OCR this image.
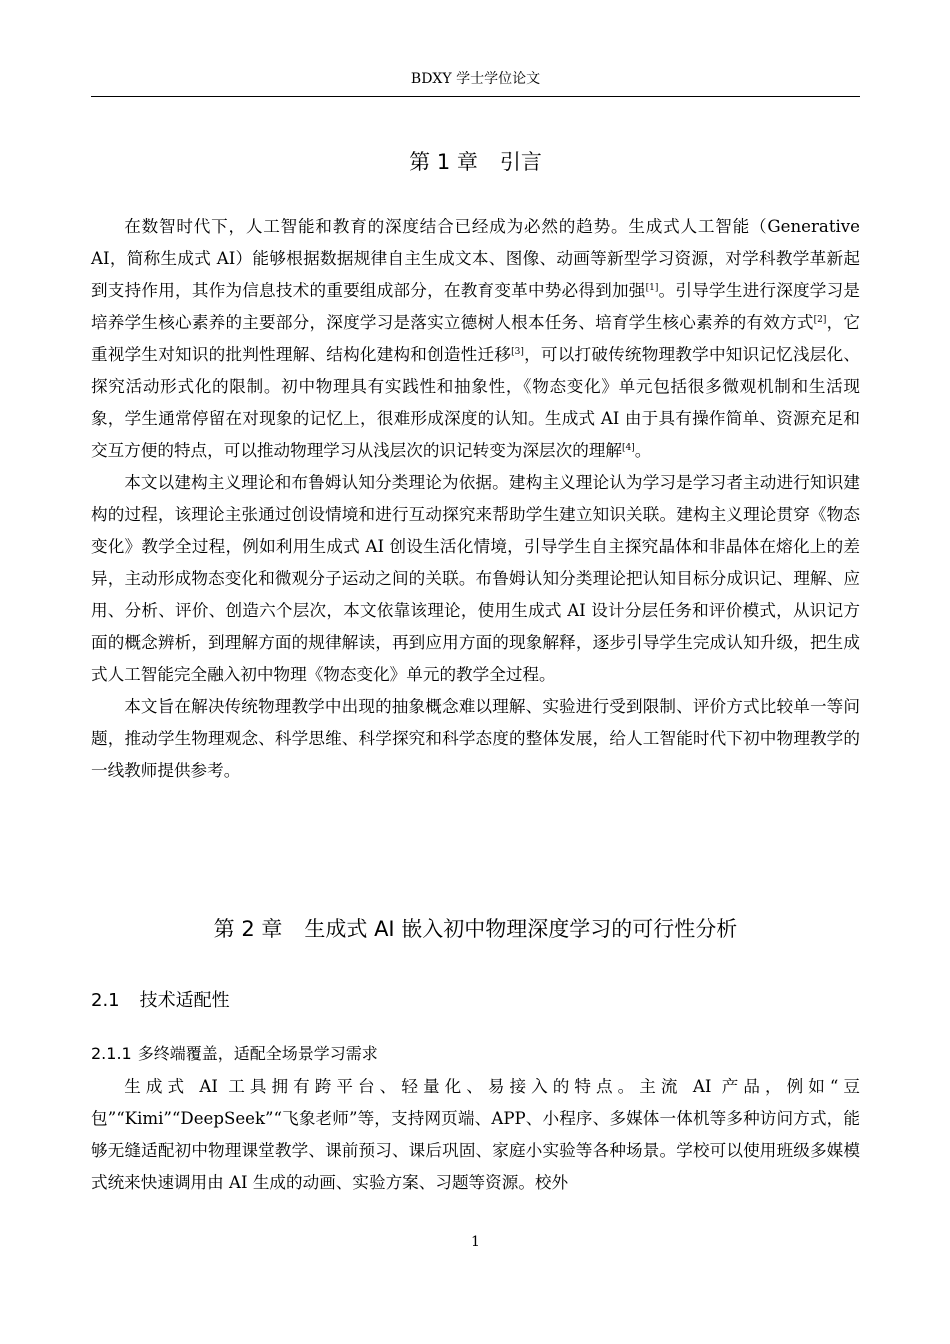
BDXY 学士学位论文
第 1 章 引言

在数智时代下，人工智能和教育的深度结合已经成为必然的趋势。生成式人工智能（Generative AI，简称生成式 AI）能够根据数据规律自主生成文本、图像、动画等新型学习资源，对学科教学革新起到支持作用，其作为信息技术的重要组成部分，在教育变革中势必得到加强[1]。引导学生进行深度学习是培养学生核心素养的主要部分，深度学习是落实立德树人根本任务、培育学生核心素养的有效方式[2]，它重视学生对知识的批判性理解、结构化建构和创造性迁移[3]，可以打破传统物理教学中知识记忆浅层化、探究活动形式化的限制。初中物理具有实践性和抽象性，《物态变化》单元包括很多微观机制和生活现象，学生通常停留在对现象的记忆上，很难形成深度的认知。生成式 AI 由于具有操作简单、资源充足和交互方便的特点，可以推动物理学习从浅层次的识记转变为深层次的理解[4]。

本文以建构主义理论和布鲁姆认知分类理论为依据。建构主义理论认为学习是学习者主动进行知识建构的过程，该理论主张通过创设情境和进行互动探究来帮助学生建立知识关联。建构主义理论贯穿《物态变化》教学全过程，例如利用生成式 AI 创设生活化情境，引导学生自主探究晶体和非晶体在熔化上的差异，主动形成物态变化和微观分子运动之间的关联。布鲁姆认知分类理论把认知目标分成识记、理解、应用、分析、评价、创造六个层次，本文依靠该理论，使用生成式 AI 设计分层任务和评价模式，从识记方面的概念辨析，到理解方面的规律解读，再到应用方面的现象解释，逐步引导学生完成认知升级，把生成式人工智能完全融入初中物理《物态变化》单元的教学全过程。

本文旨在解决传统物理教学中出现的抽象概念难以理解、实验进行受到限制、评价方式比较单一等问题，推动学生物理观念、科学思维、科学探究和科学态度的整体发展，给人工智能时代下初中物理教学的一线教师提供参考。

第 2 章 生成式 AI 嵌入初中物理深度学习的可行性分析
2.1 技术适配性
2.1.1 多终端覆盖，适配全场景学习需求

生成式 AI 工具拥有跨平台、轻量化、易接入的特点。主流 AI 产品，例如“豆包”“Kimi”“DeepSeek”“飞象老师”等，支持网页端、APP、小程序、多媒体一体机等多种访问方式，能够无缝适配初中物理课堂教学、课前预习、课后巩固、家庭小实验等各种场景。学校可以使用班级多媒模式统来快速调用由 AI 生成的动画、实验方案、习题等资源。校外

1
